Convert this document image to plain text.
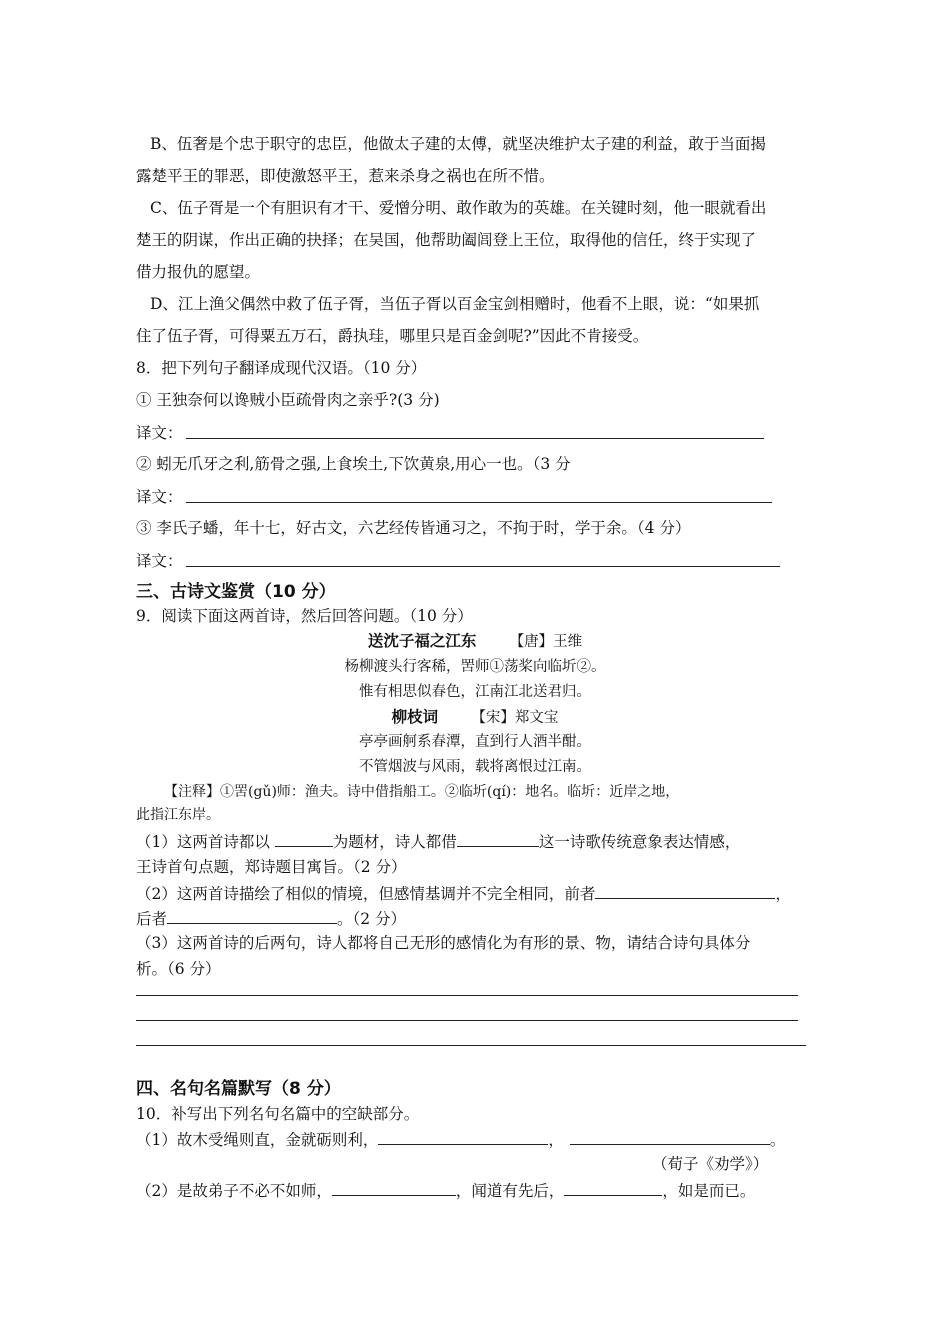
B、伍奢是个忠于职守的忠臣，他做太子建的太傅，就坚决维护太子建的利益，敢于当面揭
露楚平王的罪恶，即使激怒平王，惹来杀身之祸也在所不惜。
C、伍子胥是一个有胆识有才干、爱憎分明、敢作敢为的英雄。在关键时刻，他一眼就看出
楚王的阴谋，作出正确的抉择；在吴国，他帮助阖闾登上王位，取得他的信任，终于实现了
借力报仇的愿望。
D、江上渔父偶然中救了伍子胥，当伍子胥以百金宝剑相赠时，他看不上眼，说：“如果抓
住了伍子胥，可得粟五万石，爵执珪，哪里只是百金剑呢?”因此不肯接受。
8．把下列句子翻译成现代汉语。（10 分）
① 王独奈何以谗贼小臣疏骨肉之亲乎?(3 分)
译文：
② 蚓无爪牙之利,筋骨之强,上食埃土,下饮黄泉,用心一也。（3 分
译文：
③ 李氏子蟠，年十七，好古文，六艺经传皆通习之，不拘于时，学于余。（4 分）
译文：
三、古诗文鉴赏（10 分）
9．阅读下面这两首诗，然后回答问题。（10 分）
送沈子福之江东 【唐】王维
杨柳渡头行客稀，罟师①荡桨向临圻②。
惟有相思似春色，江南江北送君归。
柳枝词 【宋】郑文宝
亭亭画舸系春潭，直到行人酒半酣。
不管烟波与风雨，载将离恨过江南。
【注释】①罟(gǔ)师：渔夫。诗中借指船工。②临圻(qí)：地名。临圻：近岸之地，
此指江东岸。
（1）这两首诗都以	为题材，诗人都借	这一诗歌传统意象表达情感，
王诗首句点题，郑诗题目寓旨。（2 分）
（2）这两首诗描绘了相似的情境，但感情基调并不完全相同，前者	，
后者	。（2 分）
（3）这两首诗的后两句，诗人都将自己无形的感情化为有形的景、物，请结合诗句具体分
析。（6 分）
四、名句名篇默写（8 分）
10．补写出下列名句名篇中的空缺部分。
（1）故木受绳则直，金就砺则利，	，	。
（荀子《劝学》）
（2）是故弟子不必不如师，	，闻道有先后，	，如是而已。
